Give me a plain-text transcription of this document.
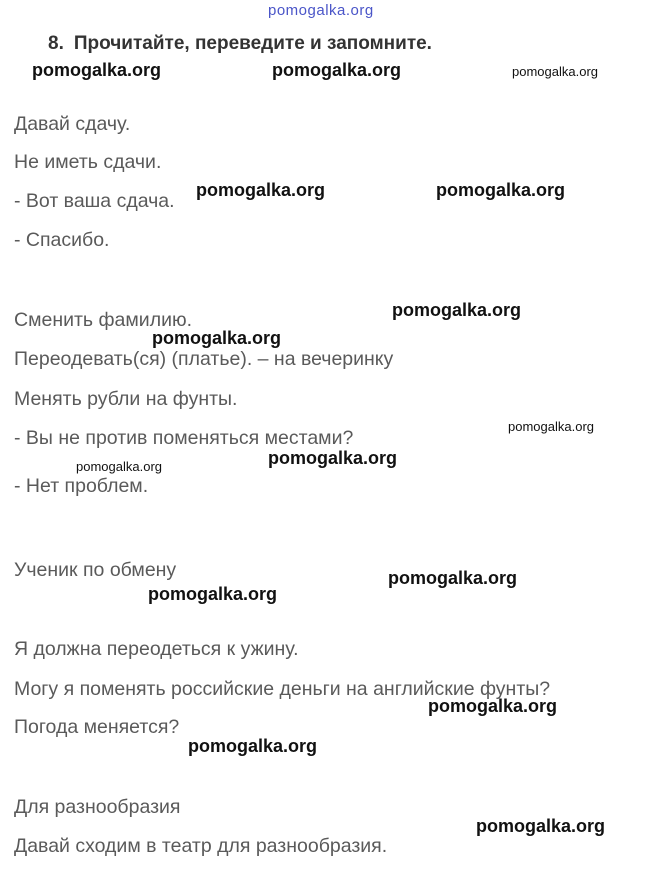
pomogalka.org
8. Прочитайте, переведите и запомните.
Давай сдачу.
Не иметь сдачи.
- Вот ваша сдача.
- Спасибо.
Сменить фамилию.
Переодевать(ся) (платье). – на вечеринку
Менять рубли на фунты.
- Вы не против поменяться местами?
- Нет проблем.
Ученик по обмену
Я должна переодеться к ужину.
Могу я поменять российские деньги на английские фунты?
Погода меняется?
Для разнообразия
Давай сходим в театр для разнообразия.
pomogalka.org	pomogalka.org	pomogalka.org
pomogalka.org	pomogalka.org
pomogalka.org
pomogalka.org
pomogalka.org
pomogalka.org
pomogalka.org
pomogalka.org
pomogalka.org
pomogalka.org
pomogalka.org
pomogalka.org
